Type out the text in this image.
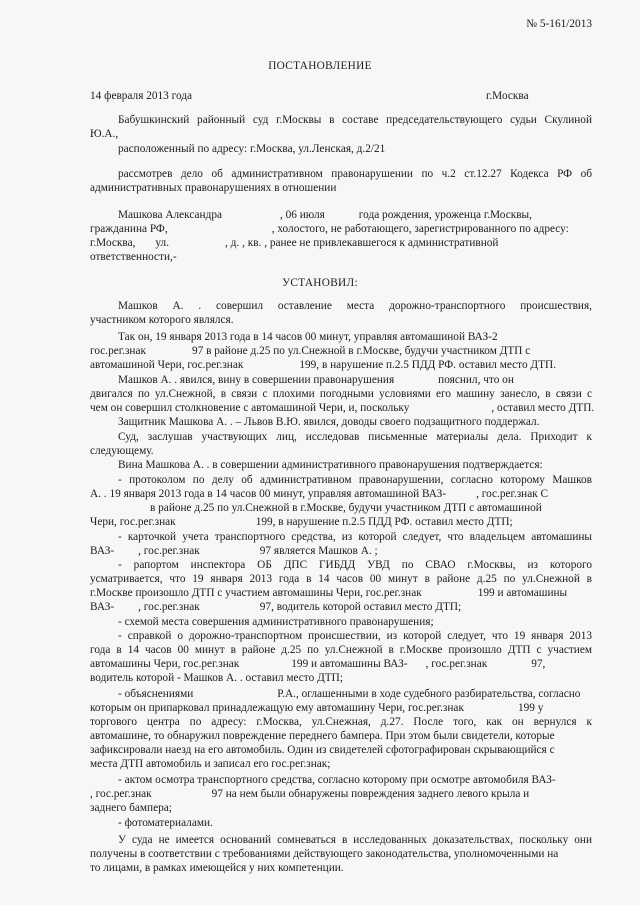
№ 5-161/2013
ПОСТАНОВЛЕНИЕ
14 февраля 2013 года	г.Москва
Бабушкинский районный суд г.Москвы в составе председательствующего судьи Скулиной
Ю.А.,
расположенный по адресу: г.Москва, ул.Ленская, д.2/21
рассмотрев дело об административном правонарушении по ч.2 ст.12.27 Кодекса РФ об
административных правонарушениях в отношении
Машкова Александра	, 06 июля	года рождения, уроженца г.Москвы,
гражданина РФ,	, холостого, не работающего, зарегистрированного по адресу:
г.Москва, ул.	, д. , кв. , ранее не привлекавшегося к административной
ответственности,-
УСТАНОВИЛ:
Машков А. . совершил оставление места дорожно-транспортного происшествия,
участником которого являлся.
Так он, 19 января 2013 года в 14 часов 00 минут, управляя автомашиной ВАЗ-2
гос.рег.знак	97 в районе д.25 по ул.Снежной в г.Москве, будучи участником ДТП с
автомашиной Чери, гос.рег.знак	199, в нарушение п.2.5 ПДД РФ. оставил место ДТП.
Машков А. . явился, вину в совершении правонарушения	пояснил, что он
двигался по ул.Снежной, в связи с плохими погодными условиями его машину занесло, в связи с
чем он совершил столкновение с автомашиной Чери, и, поскольку	, оставил место ДТП.
Защитник Машкова А. . – Львов В.Ю. явился, доводы своего подзащитного поддержал.
Суд, заслушав участвующих лиц, исследовав письменные материалы дела. Приходит к
следующему.
Вина Машкова А. . в совершении административного правонарушения подтверждается:
- протоколом по делу об административном правонарушении, согласно которому Машков
А. . 19 января 2013 года в 14 часов 00 минут, управляя автомашиной ВАЗ-	, гос.рег.знак С
в районе д.25 по ул.Снежной в г.Москве, будучи участником ДТП с автомашиной
Чери, гос.рег.знак	199, в нарушение п.2.5 ПДД РФ. оставил место ДТП;
- карточкой учета транспортного средства, из которой следует, что владельцем автомашины
ВАЗ- , гос.рег.знак	97 является Машков А. ;
- рапортом инспектора ОБ ДПС ГИБДД УВД по СВАО г.Москвы, из которого
усматривается, что 19 января 2013 года в 14 часов 00 минут в районе д.25 по ул.Снежной в
г.Москве произошло ДТП с участием автомашины Чери, гос.рег.знак	199 и автомашины
ВАЗ- , гос.рег.знак	97, водитель которой оставил место ДТП;
- схемой места совершения административного правонарушения;
- справкой о дорожно-транспортном происшествии, из которой следует, что 19 января 2013
года в 14 часов 00 минут в районе д.25 по ул.Снежной в г.Москве произошло ДТП с участием
автомашины Чери, гос.рег.знак	199 и автомашины ВАЗ- , гос.рег.знак	97,
водитель которой - Машков А. . оставил место ДТП;
- объяснениями	Р.А., оглашенными в ходе судебного разбирательства, согласно
которым он припарковал принадлежащую ему автомашину Чери, гос.рег.знак	199 у
торгового центра по адресу: г.Москва, ул.Снежная, д.27. После того, как он вернулся к
автомашине, то обнаружил повреждение переднего бампера. При этом были свидетели, которые
зафиксировали наезд на его автомобиль. Один из свидетелей сфотографирован скрывающийся с
места ДТП автомобиль и записал его гос.рег.знак;
- актом осмотра транспортного средства, согласно которому при осмотре автомобиля ВАЗ-
, гос.рег.знак	97 на нем были обнаружены повреждения заднего левого крыла и
заднего бампера;
- фотоматериалами.
У суда не имеется оснований сомневаться в исследованных доказательствах, поскольку они
получены в соответствии с требованиями действующего законодательства, уполномоченными на
то лицами, в рамках имеющейся у них компетенции.
